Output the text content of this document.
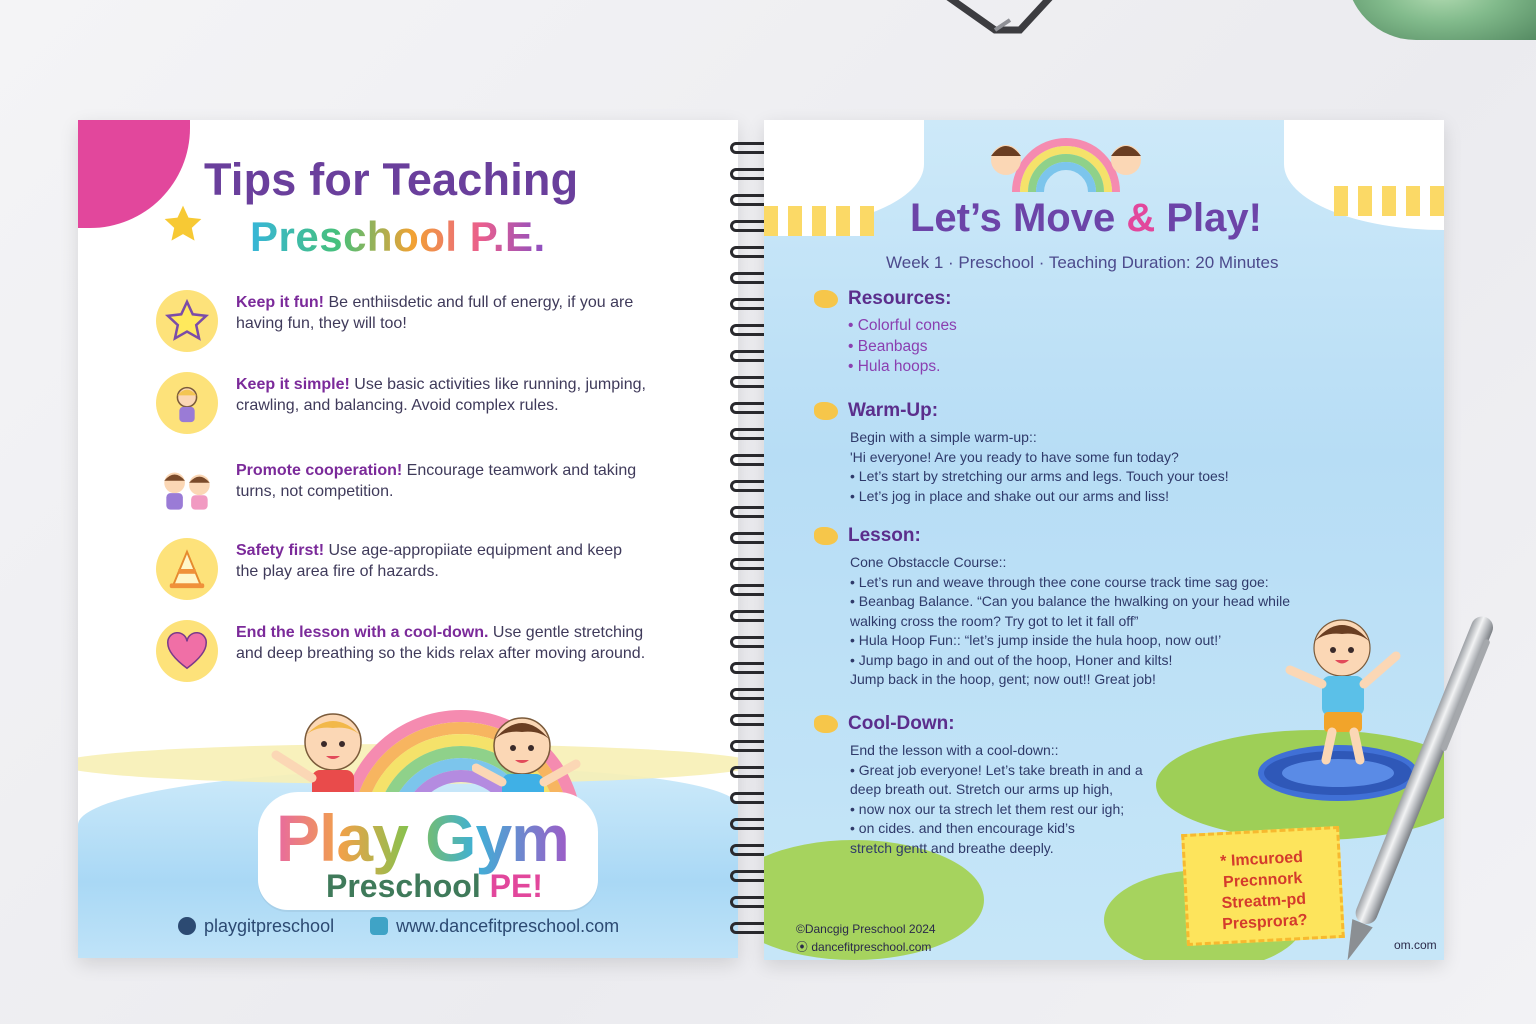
Tips for Teaching
Preschool P.E.
Keep it fun! Be enthiisdetic and full of energy, if you are
having fun, they will too!
Keep it simple! Use basic activities like running, jumping,
crawling, and balancing. Avoid complex rules.
Promote cooperation! Encourage teamwork and taking
turns, not competition.
Safety first! Use age-appropiiate equipment and keep
the play area fire of hazards.
End the lesson with a cool-down. Use gentle stretching
and deep breathing so the kids relax after moving around.
Play Gym
Preschool PE!
playgitpreschool	www.dancefitpreschool.com
Let’s Move & Play!
Week 1 · Preschool · Teaching Duration: 20 Minutes
Resources:
• Colorful cones
• Beanbags
• Hula hoops.
Warm-Up:
Begin with a simple warm-up::
'Hi everyone! Are you ready to have some fun today?
• Let’s start by stretching our arms and legs. Touch your toes!
• Let’s jog in place and shake out our arms and liss!
Lesson:
Cone Obstaccle Course::
• Let’s run and weave through thee cone course track time sag goe:
• Beanbag Balance. “Can you balance the hwalking on your head while
walking cross the room? Try got to let it fall off”
• Hula Hoop Fun:: “let’s jump inside the hula hoop, now out!’
• Jump bago in and out of the hoop, Honer and kilts!
Jump back in the hoop, gent; now out!! Great job!
Cool-Down:
End the lesson with a cool-down::
• Great job everyone! Let’s take breath in and a
deep breath out. Stretch our arms up high,
• now nox our ta strech let them rest our igh;
• on cides. and then encourage kid’s
stretch gentt and breathe deeply.
* Imcuroed
Precnnork
Streatm-pd
Presprora?
©Dancgig Preschool 2024
⦿ dancefitpreschool.com	om.com
